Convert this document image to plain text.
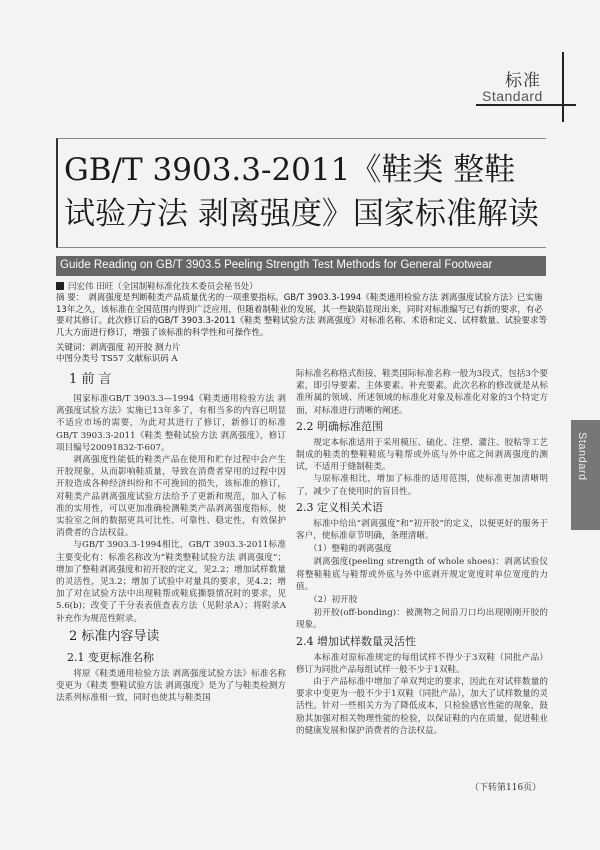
标准
Standard
GB/T 3903.3-2011《鞋类 整鞋试验方法 剥离强度》国家标准解读
Guide Reading on GB/T 3903.5 Peeling Strength Test Methods for General Footwear
闫宏伟 田旺（全国制鞋标准化技术委员会秘书处）
摘 要： 剥离强度是判断鞋类产品质量优劣的一项重要指标。GB/T 3903.3-1994《鞋类通用检验方法 剥离强度试验方法》已实施13年之久，该标准在全国范围内得到广泛应用，但随着制鞋业的发展，其一些缺陷显现出来，同时对标准编写已有新的要求，有必要对其修订。此次修订后的GB/T 3903.3-2011《鞋类 整鞋试验方法 剥离强度》对标准名称、术语和定义、试样数量、试验要求等几大方面进行修订，增强了该标准的科学性和可操作性。
关键词：剥离强度 初开胶 测力片
中图分类号 TS57 文献标识码 A
1 前 言

国家标准GB/T 3903.3—1994《鞋类通用检验方法 剥离强度试验方法》实施已13年多了，有相当多的内容已明显不适应市场的需要，为此对其进行了修订，新修订的标准GB/T 3903.3-2011《鞋类 整鞋试验方法 剥离强度》，修订项目编号20091832-T-607。

剥离强度性能低的鞋类产品在使用和贮存过程中会产生开胶现象，从而影响鞋质量，导致在消费者穿用的过程中因开胶造成各种经济纠纷和不可挽回的损失，该标准的修订，对鞋类产品剥离强度试验方法给予了更新和规范，加入了标准的实用性，可以更加准确检测鞋类产品剥离强度指标，使实验室之间的数据更具可比性、可靠性、稳定性，有效保护消费者的合法权益。

与GB/T 3903.3-1994相比，GB/T 3903.3-2011标准主要变化有：标准名称改为“鞋类整鞋试验方法 剥离强度”；增加了整鞋剥离强度和初开胶的定义，见2.2；增加试样数量的灵活性，见3.2；增加了试验中对量具的要求，见4.2；增加了对在试验方法中出现鞋帮或鞋底撕裂情况时的要求，见5.6(b)；改变了千分表表值查表方法（见附录A）；将附录A补充作为规范性附录。

2 标准内容导读
2.1 变更标准名称

将原《鞋类通用检验方法 剥离强度试验方法》标准名称变更为《鞋类 整鞋试验方法 剥离强度》是为了与鞋类检测方法系列标准相一致，同时也使其与鞋类国

际标准名称格式衔接，鞋类国际标准名称一般为3段式，包括3个要素，即引导要素、主体要素、补充要素。此次名称的修改就是从标准所属的领域、所述领域的标准化对象及标准化对象的3个特定方面，对标准进行清晰的阐述。

2.2 明确标准范围

规定本标准适用于采用模压、硫化、注塑、灌注、胶粘等工艺制成的鞋类的整鞋鞋底与鞋帮或外底与外中底之间剥离强度的测试，不适用于缝制鞋类。

与原标准相比，增加了标准的适用范围，使标准更加清晰明了，减少了在使用时的盲目性。

2.3 定义相关术语

标准中给出“剥离强度”和“初开胶”的定义，以便更好的服务于客户，使标准章节明确，条理清晰。

（1）整鞋的剥离强度

剥离强度(peeling strength of whole shoes)：剥离试验仪将整鞋鞋底与鞋帮或外底与外中底剥开规定宽度时单位宽度的力值。

（2）初开胶

初开胶(off-bonding)：被测物之间沿刀口均出现刚刚开胶的现象。

2.4 增加试样数量灵活性

本标准对原标准规定的每组试样不得少于3双鞋（同批产品）修订为同批产品每组试样一般不少于1双鞋。

由于产品标准中增加了单双判定的要求，因此在对试样数量的要求中变更为一般不少于1双鞋（同批产品），加大了试样数量的灵活性。针对一些相关方为了降低成本，只检验感官性能的现象，鼓励其加强对相关物理性能的检验，以保证鞋的内在质量，促进鞋业的健康发展和保护消费者的合法权益。

Standard
（下转第116页）
